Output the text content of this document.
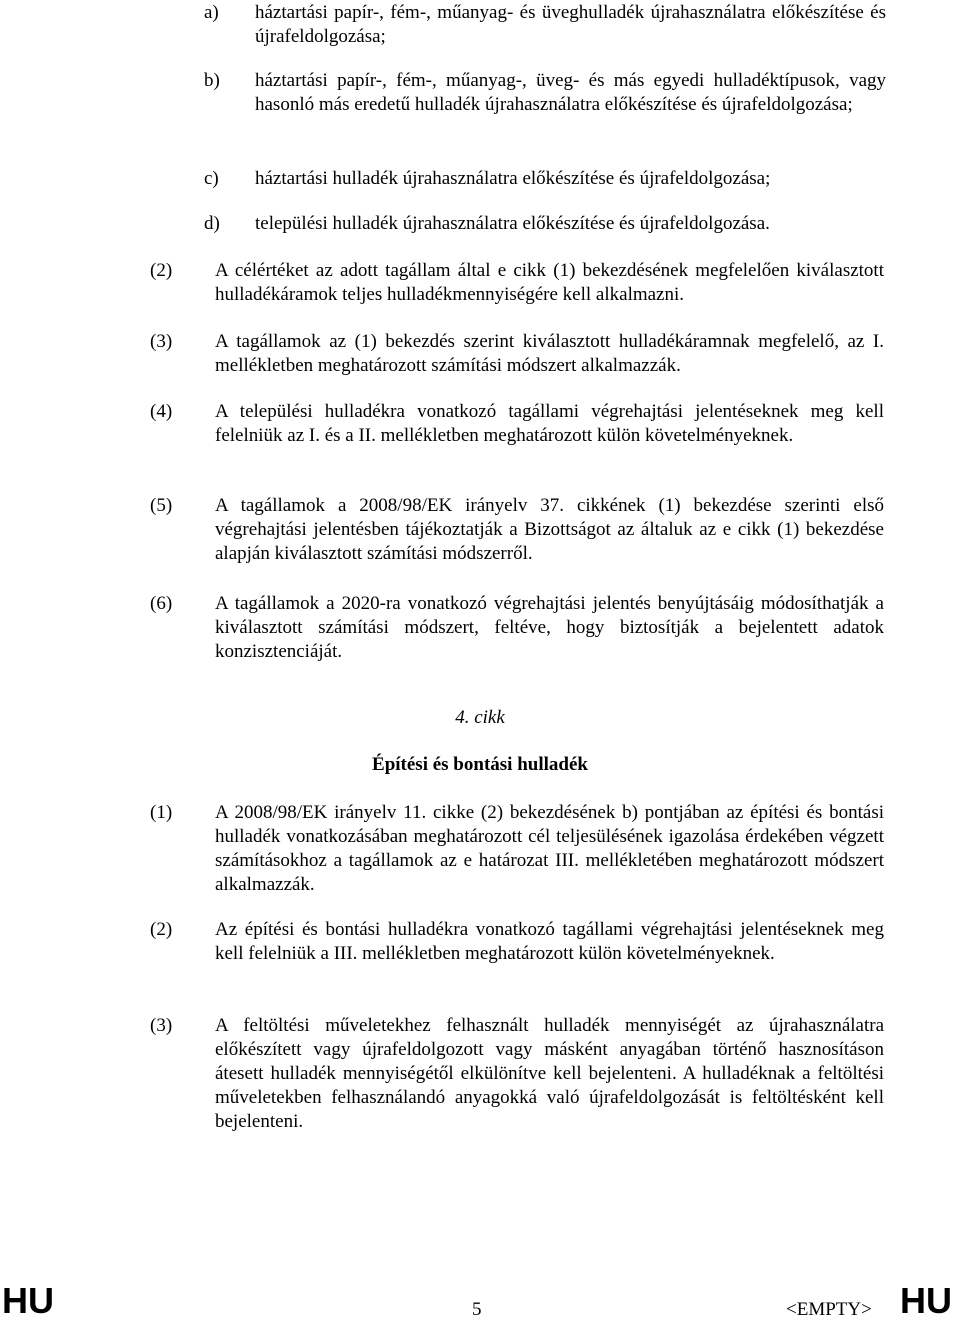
a) háztartási papír-, fém-, műanyag- és üveghulladék újrahasználatra előkészítése és újrafeldolgozása;
b) háztartási papír-, fém-, műanyag-, üveg- és más egyedi hulladéktípusok, vagy hasonló más eredetű hulladék újrahasználatra előkészítése és újrafeldolgozása;
c) háztartási hulladék újrahasználatra előkészítése és újrafeldolgozása;
d) települési hulladék újrahasználatra előkészítése és újrafeldolgozása.
(2) A célértéket az adott tagállam által e cikk (1) bekezdésének megfelelően kiválasztott hulladékáramok teljes hulladékmennyiségére kell alkalmazni.
(3) A tagállamok az (1) bekezdés szerint kiválasztott hulladékáramnak megfelelő, az I. mellékletben meghatározott számítási módszert alkalmazzák.
(4) A települési hulladékra vonatkozó tagállami végrehajtási jelentéseknek meg kell felelniük az I. és a II. mellékletben meghatározott külön követelményeknek.
(5) A tagállamok a 2008/98/EK irányelv 37. cikkének (1) bekezdése szerinti első végrehajtási jelentésben tájékoztatják a Bizottságot az általuk az e cikk (1) bekezdése alapján kiválasztott számítási módszerről.
(6) A tagállamok a 2020-ra vonatkozó végrehajtási jelentés benyújtásáig módosíthatják a kiválasztott számítási módszert, feltéve, hogy biztosítják a bejelentett adatok konzisztenciáját.
4. cikk
Építési és bontási hulladék
(1) A 2008/98/EK irányelv 11. cikke (2) bekezdésének b) pontjában az építési és bontási hulladék vonatkozásában meghatározott cél teljesülésének igazolása érdekében végzett számításokhoz a tagállamok az e határozat III. mellékletében meghatározott módszert alkalmazzák.
(2) Az építési és bontási hulladékra vonatkozó tagállami végrehajtási jelentéseknek meg kell felelniük a III. mellékletben meghatározott külön követelményeknek.
(3) A feltöltési műveletekhez felhasznált hulladék mennyiségét az újrahasználatra előkészített vagy újrafeldolgozott vagy másként anyagában történő hasznosításon átesett hulladék mennyiségétől elkülönítve kell bejelenteni. A hulladéknak a feltöltési műveletekben felhasználandó anyagokká való újrafeldolgozását is feltöltésként kell bejelenteni.
HU	5	<EMPTY> HU
